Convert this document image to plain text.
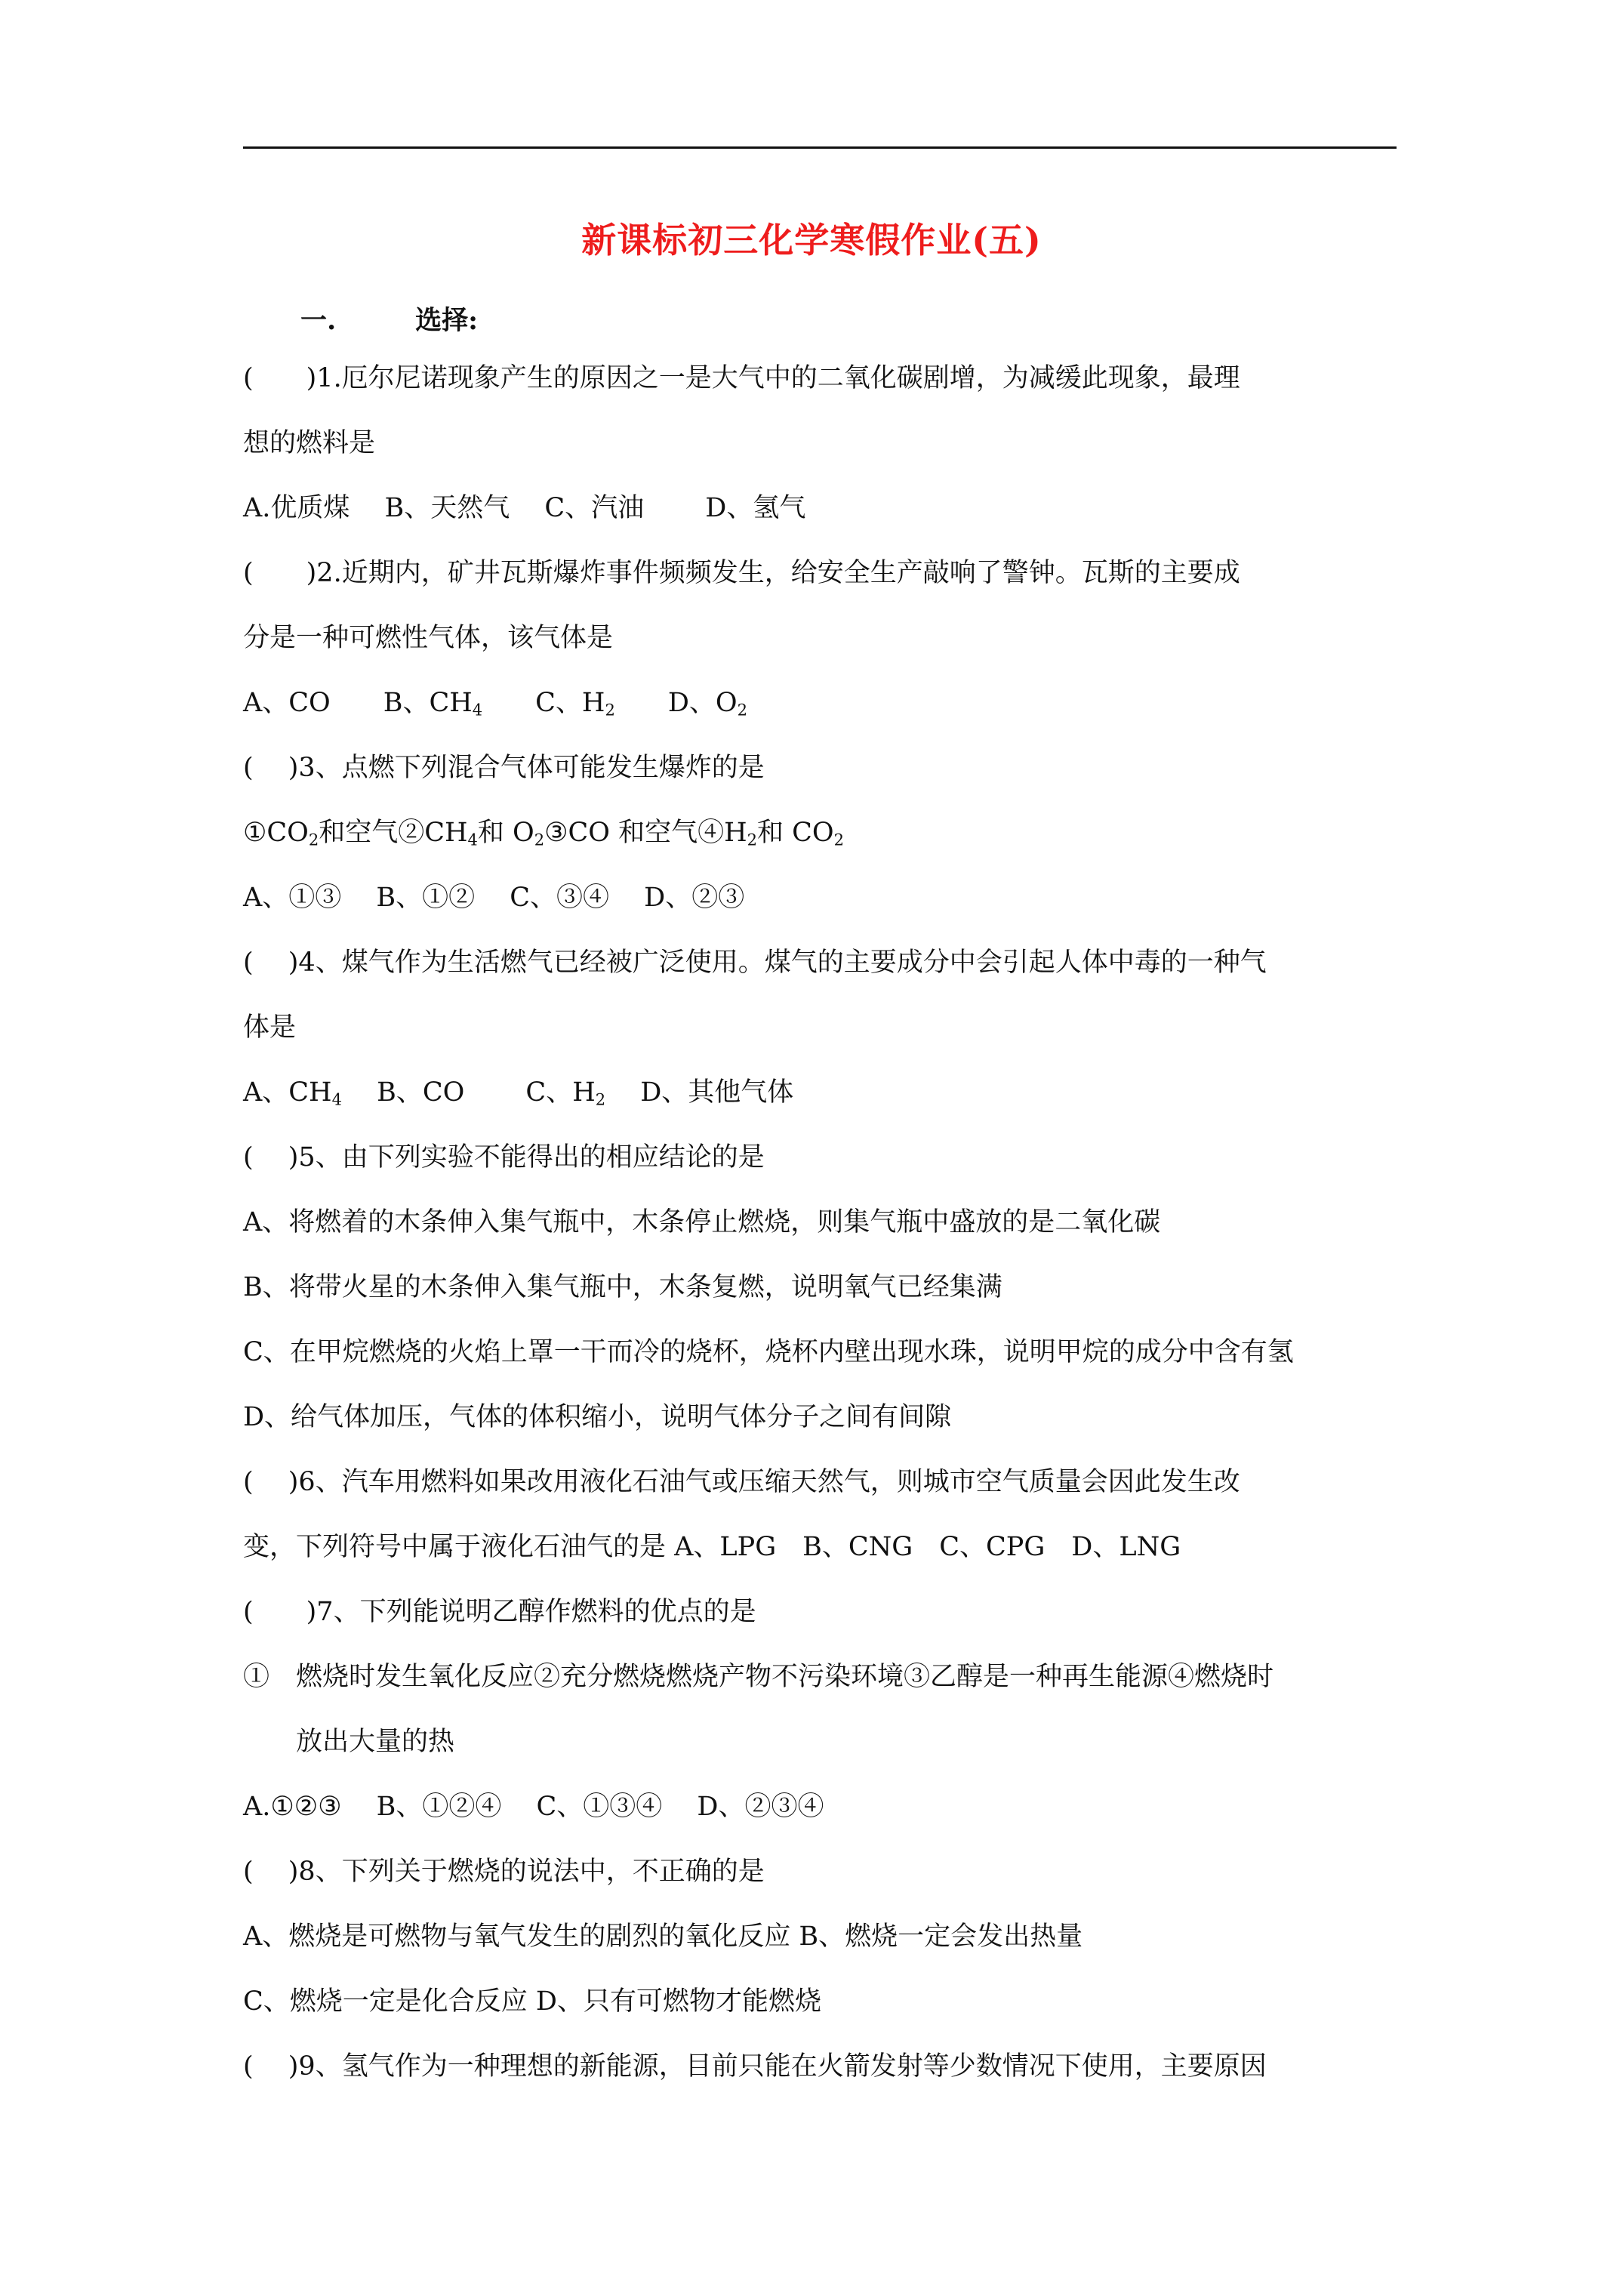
新课标初三化学寒假作业(五)
一.　　　选择:
(　　)1.厄尔尼诺现象产生的原因之一是大气中的二氧化碳剧增，为减缓此现象，最理
想的燃料是
A.优质煤　 B、天然气　 C、汽油　　 D、氢气
(　　)2.近期内，矿井瓦斯爆炸事件频频发生，给安全生产敲响了警钟。瓦斯的主要成
分是一种可燃性气体，该气体是
A、CO　　B、$CH_4$　　C、$H_2$　　D、$O_2$
(　 )3、点燃下列混合气体可能发生爆炸的是
$①CO_2$和空气$②CH_4$和 $O_2③CO$ 和空气$④H_2$和 $CO_2$
A、①③　 B、①②　 C、③④　 D、②③
(　 )4、煤气作为生活燃气已经被广泛使用。煤气的主要成分中会引起人体中毒的一种气
体是
A、$CH_4$　 B、CO　　 C、$H_2$　 D、其他气体
(　 )5、由下列实验不能得出的相应结论的是
A、将燃着的木条伸入集气瓶中，木条停止燃烧，则集气瓶中盛放的是二氧化碳
B、将带火星的木条伸入集气瓶中，木条复燃，说明氧气已经集满
C、在甲烷燃烧的火焰上罩一干而冷的烧杯，烧杯内壁出现水珠，说明甲烷的成分中含有氢
D、给气体加压，气体的体积缩小，说明气体分子之间有间隙
(　 )6、汽车用燃料如果改用液化石油气或压缩天然气，则城市空气质量会因此发生改
变，下列符号中属于液化石油气的是 A、LPG　B、CNG　C、CPG　D、LNG
(　　)7、下列能说明乙醇作燃料的优点的是
①　燃烧时发生氧化反应②充分燃烧燃烧产物不污染环境③乙醇是一种再生能源④燃烧时
　　放出大量的热
A.①②③　 B、①②④　 C、①③④　 D、②③④
(　 )8、下列关于燃烧的说法中，不正确的是
A、燃烧是可燃物与氧气发生的剧烈的氧化反应 B、燃烧一定会发出热量
C、燃烧一定是化合反应 D、只有可燃物才能燃烧
(　 )9、氢气作为一种理想的新能源，目前只能在火箭发射等少数情况下使用，主要原因
